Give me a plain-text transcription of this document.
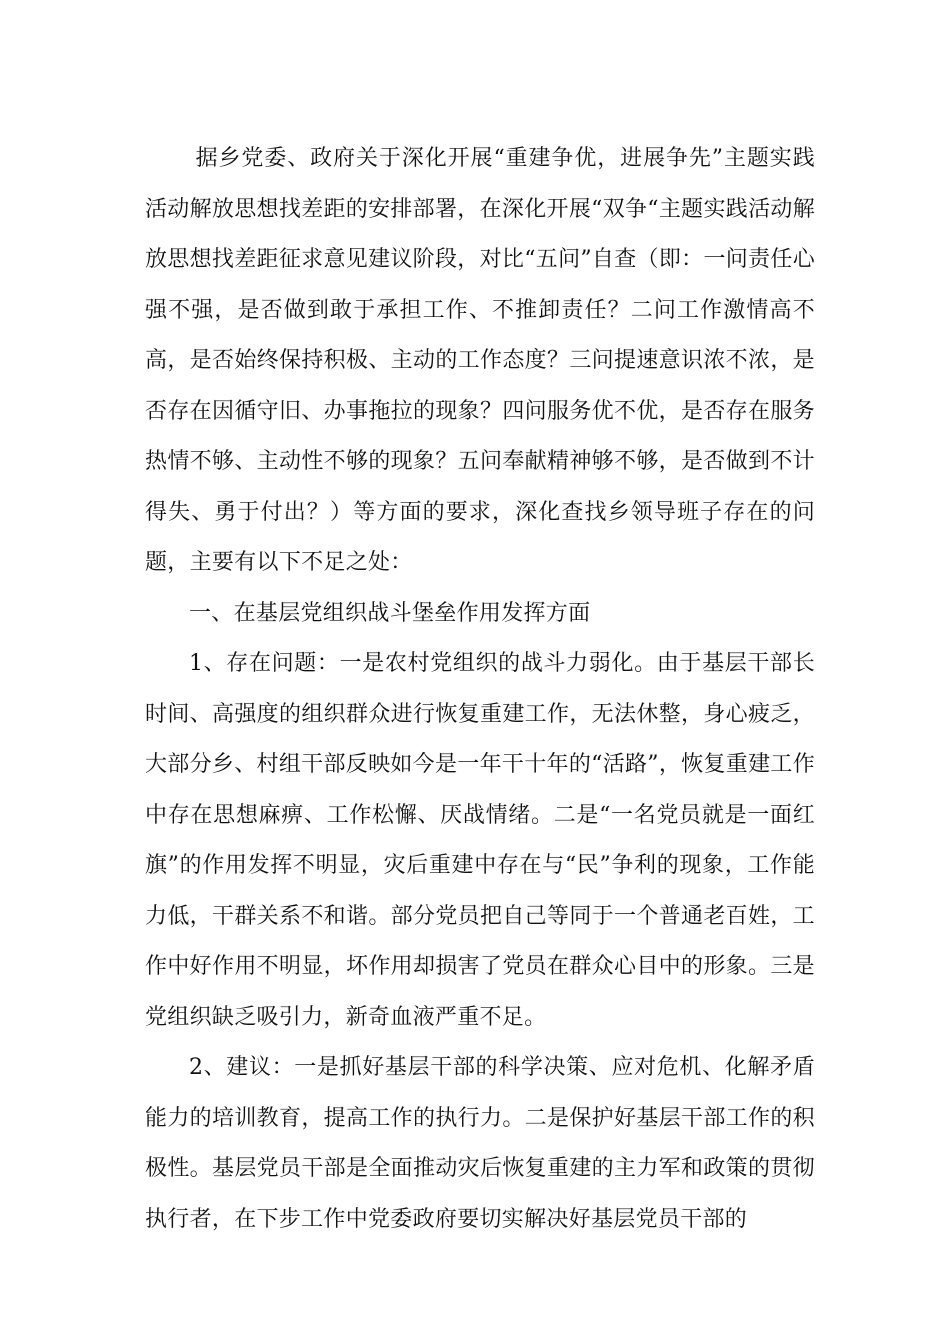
据乡党委、政府关于深化开展“重建争优，进展争先”主题实践活动解放思想找差距的安排部署，在深化开展“双争“主题实践活动解放思想找差距征求意见建议阶段，对比“五问”自查（即：一问责任心强不强，是否做到敢于承担工作、不推卸责任？二问工作激情高不高，是否始终保持积极、主动的工作态度？三问提速意识浓不浓，是否存在因循守旧、办事拖拉的现象？四问服务优不优，是否存在服务热情不够、主动性不够的现象？五问奉献精神够不够，是否做到不计得失、勇于付出？）等方面的要求，深化查找乡领导班子存在的问题，主要有以下不足之处：

一、在基层党组织战斗堡垒作用发挥方面

1、存在问题：一是农村党组织的战斗力弱化。由于基层干部长时间、高强度的组织群众进行恢复重建工作，无法休整，身心疲乏，大部分乡、村组干部反映如今是一年干十年的“活路”，恢复重建工作中存在思想麻痹、工作松懈、厌战情绪。二是“一名党员就是一面红旗”的作用发挥不明显，灾后重建中存在与“民”争利的现象，工作能力低，干群关系不和谐。部分党员把自己等同于一个普通老百姓，工作中好作用不明显，坏作用却损害了党员在群众心目中的形象。三是党组织缺乏吸引力，新奇血液严重不足。

2、建议：一是抓好基层干部的科学决策、应对危机、化解矛盾能力的培训教育，提高工作的执行力。二是保护好基层干部工作的积极性。基层党员干部是全面推动灾后恢复重建的主力军和政策的贯彻执行者，在下步工作中党委政府要切实解决好基层党员干部的
